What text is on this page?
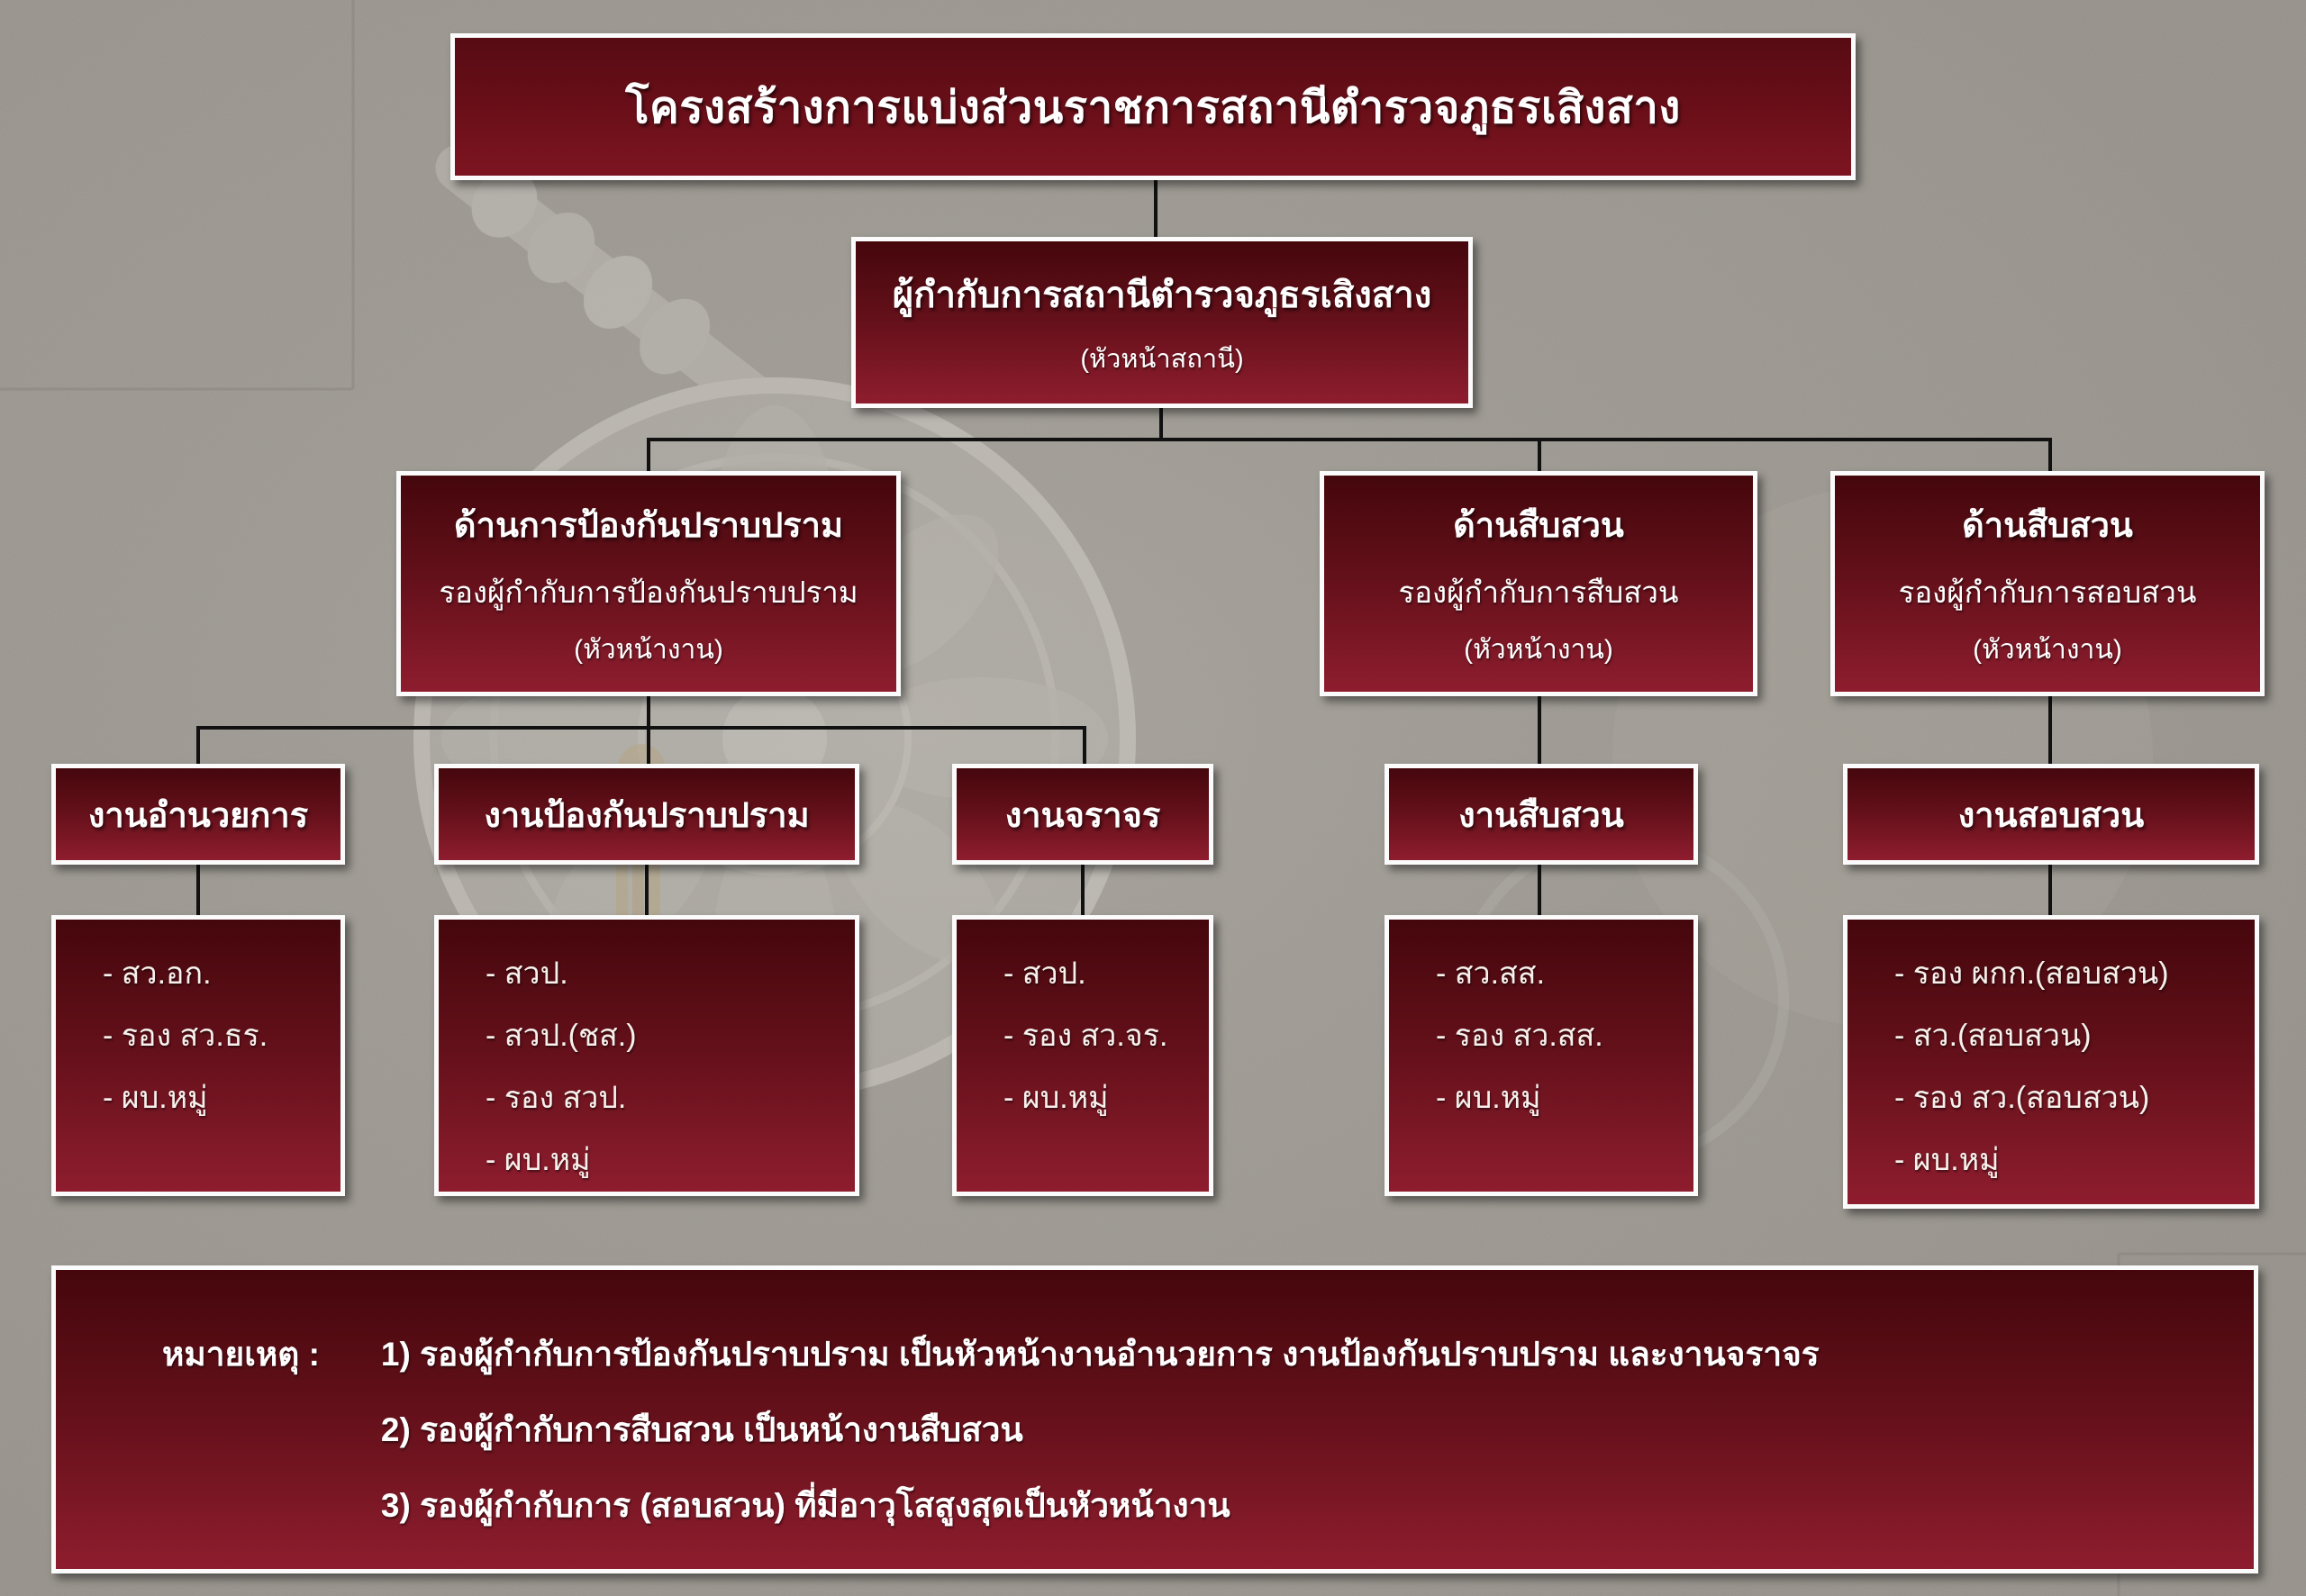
โครงสร้างการแบ่งส่วนราชการสถานีตำรวจภูธรเสิงสาง
ผู้กำกับการสถานีตำรวจภูธรเสิงสาง
(หัวหน้าสถานี)
ด้านการป้องกันปราบปราม
รองผู้กำกับการป้องกันปราบปราม
(หัวหน้างาน)
ด้านสืบสวน
รองผู้กำกับการสืบสวน
(หัวหน้างาน)
ด้านสืบสวน
รองผู้กำกับการสอบสวน
(หัวหน้างาน)
งานอำนวยการ	งานป้องกันปราบปราม	งานจราจร	งานสืบสวน	งานสอบสวน
- สว.อก.
- รอง สว.ธร.
- ผบ.หมู่
- สวป.
- สวป.(ชส.)
- รอง สวป.
- ผบ.หมู่
- สวป.
- รอง สว.จร.
- ผบ.หมู่
- สว.สส.
- รอง สว.สส.
- ผบ.หมู่
- รอง ผกก.(สอบสวน)
- สว.(สอบสวน)
- รอง สว.(สอบสวน)
- ผบ.หมู่
หมายเหตุ : 1) รองผู้กำกับการป้องกันปราบปราม เป็นหัวหน้างานอำนวยการ งานป้องกันปราบปราม และงานจราจร
2) รองผู้กำกับการสืบสวน เป็นหน้างานสืบสวน
3) รองผู้กำกับการ (สอบสวน) ที่มีอาวุโสสูงสุดเป็นหัวหน้างาน
